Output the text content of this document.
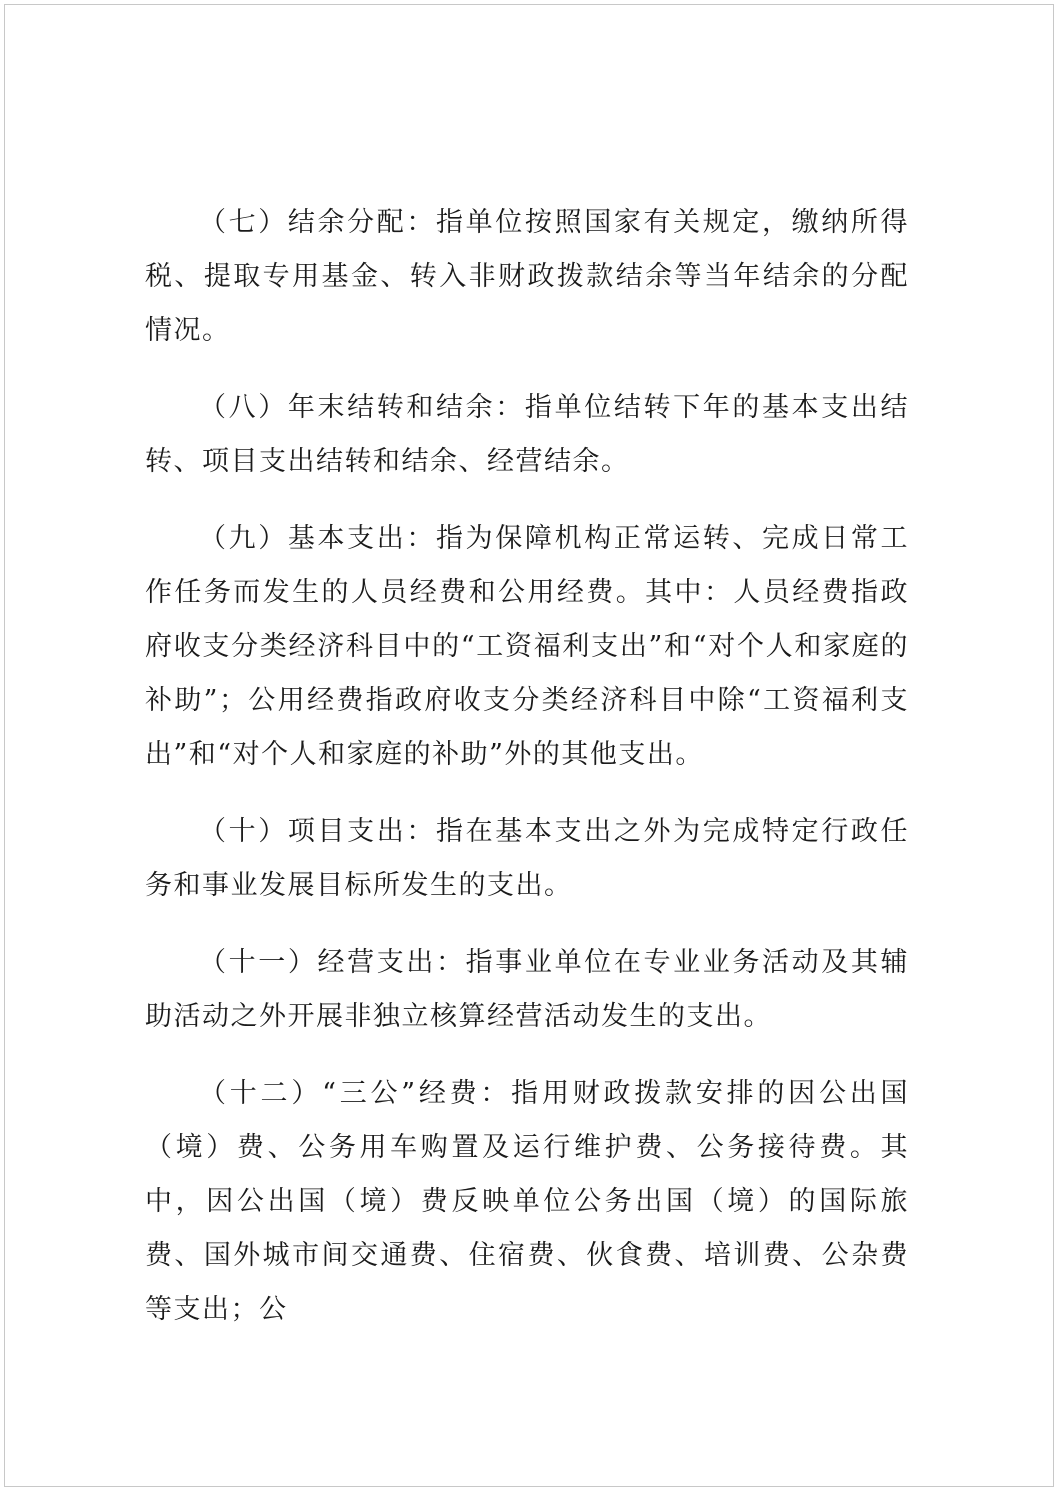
（七）结余分配：指单位按照国家有关规定，缴纳所得税、提取专用基金、转入非财政拨款结余等当年结余的分配情况。

（八）年末结转和结余：指单位结转下年的基本支出结转、项目支出结转和结余、经营结余。

（九）基本支出：指为保障机构正常运转、完成日常工作任务而发生的人员经费和公用经费。其中：人员经费指政府收支分类经济科目中的“工资福利支出”和“对个人和家庭的补助”；公用经费指政府收支分类经济科目中除“工资福利支出”和“对个人和家庭的补助”外的其他支出。

（十）项目支出：指在基本支出之外为完成特定行政任务和事业发展目标所发生的支出。

（十一）经营支出：指事业单位在专业业务活动及其辅助活动之外开展非独立核算经营活动发生的支出。

（十二）“三公”经费：指用财政拨款安排的因公出国（境）费、公务用车购置及运行维护费、公务接待费。其中，因公出国（境）费反映单位公务出国（境）的国际旅费、国外城市间交通费、住宿费、伙食费、培训费、公杂费等支出；公
